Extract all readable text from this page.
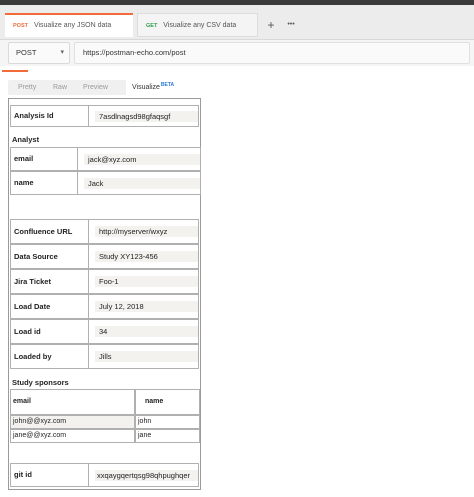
POST Visualize any JSON data	GET Visualize any CSV data	+	•••
POST	▾	https://postman-echo.com/post
Pretty Raw Preview	Visualize$^{BETA}$
Analysis Id	7asdlnagsd98gfaqsgf
Analyst
email	jack@xyz.com
name	Jack
Confluence URL	http://myserver/wxyz
Data Source	Study XY123-456
Jira Ticket	Foo-1
Load Date	July 12, 2018
Load id	34
Loaded by	Jills
Study sponsors
email	name
john@@xyz.com	john
jane@@xyz.com	jane
git id	xxqaygqertqsg98qhpughqer
